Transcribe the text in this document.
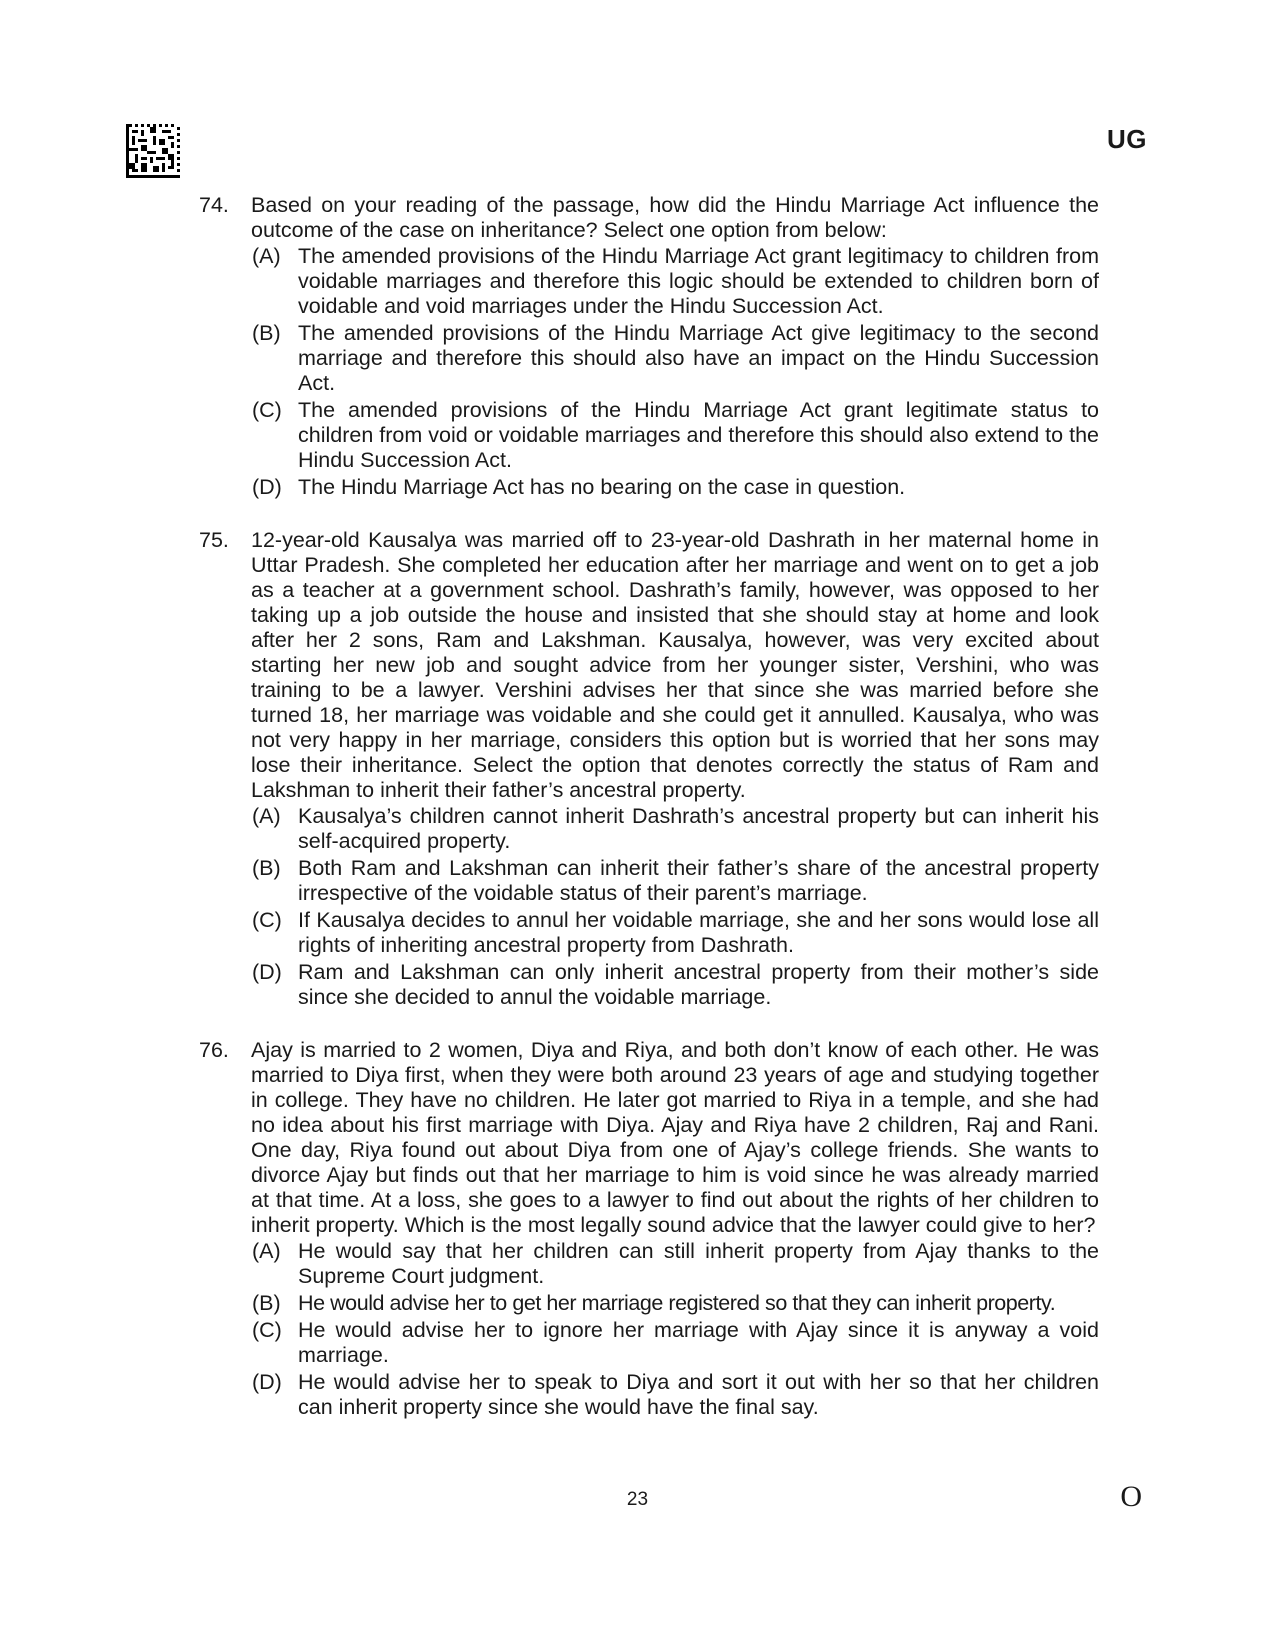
UG
74.	Based on your reading of the passage, how did the Hindu Marriage Act influence the outcome of the case on inheritance? Select one option from below:

(A) The amended provisions of the Hindu Marriage Act grant legitimacy to children from voidable marriages and therefore this logic should be extended to children born of voidable and void marriages under the Hindu Succession Act.
(B) The amended provisions of the Hindu Marriage Act give legitimacy to the second marriage and therefore this should also have an impact on the Hindu Succession Act.
(C) The amended provisions of the Hindu Marriage Act grant legitimate status to children from void or voidable marriages and therefore this should also extend to the Hindu Succession Act.
(D) The Hindu Marriage Act has no bearing on the case in question.
75.	12-year-old Kausalya was married off to 23-year-old Dashrath in her maternal home in Uttar Pradesh. She completed her education after her marriage and went on to get a job as a teacher at a government school. Dashrath’s family, however, was opposed to her taking up a job outside the house and insisted that she should stay at home and look after her 2 sons, Ram and Lakshman. Kausalya, however, was very excited about starting her new job and sought advice from her younger sister, Vershini, who was training to be a lawyer. Vershini advises her that since she was married before she turned 18, her marriage was voidable and she could get it annulled. Kausalya, who was not very happy in her marriage, considers this option but is worried that her sons may lose their inheritance. Select the option that denotes correctly the status of Ram and Lakshman to inherit their father’s ancestral property.

(A) Kausalya’s children cannot inherit Dashrath’s ancestral property but can inherit his self-acquired property.
(B) Both Ram and Lakshman can inherit their father’s share of the ancestral property irrespective of the voidable status of their parent’s marriage.
(C) If Kausalya decides to annul her voidable marriage, she and her sons would lose all rights of inheriting ancestral property from Dashrath.
(D) Ram and Lakshman can only inherit ancestral property from their mother’s side since she decided to annul the voidable marriage.
76.	Ajay is married to 2 women, Diya and Riya, and both don’t know of each other. He was married to Diya first, when they were both around 23 years of age and studying together in college. They have no children. He later got married to Riya in a temple, and she had no idea about his first marriage with Diya. Ajay and Riya have 2 children, Raj and Rani. One day, Riya found out about Diya from one of Ajay’s college friends. She wants to divorce Ajay but finds out that her marriage to him is void since he was already married at that time. At a loss, she goes to a lawyer to find out about the rights of her children to inherit property. Which is the most legally sound advice that the lawyer could give to her?

(A) He would say that her children can still inherit property from Ajay thanks to the Supreme Court judgment.
(B) He would advise her to get her marriage registered so that they can inherit property.
(C) He would advise her to ignore her marriage with Ajay since it is anyway a void marriage.
(D) He would advise her to speak to Diya and sort it out with her so that her children can inherit property since she would have the final say.
23	O
